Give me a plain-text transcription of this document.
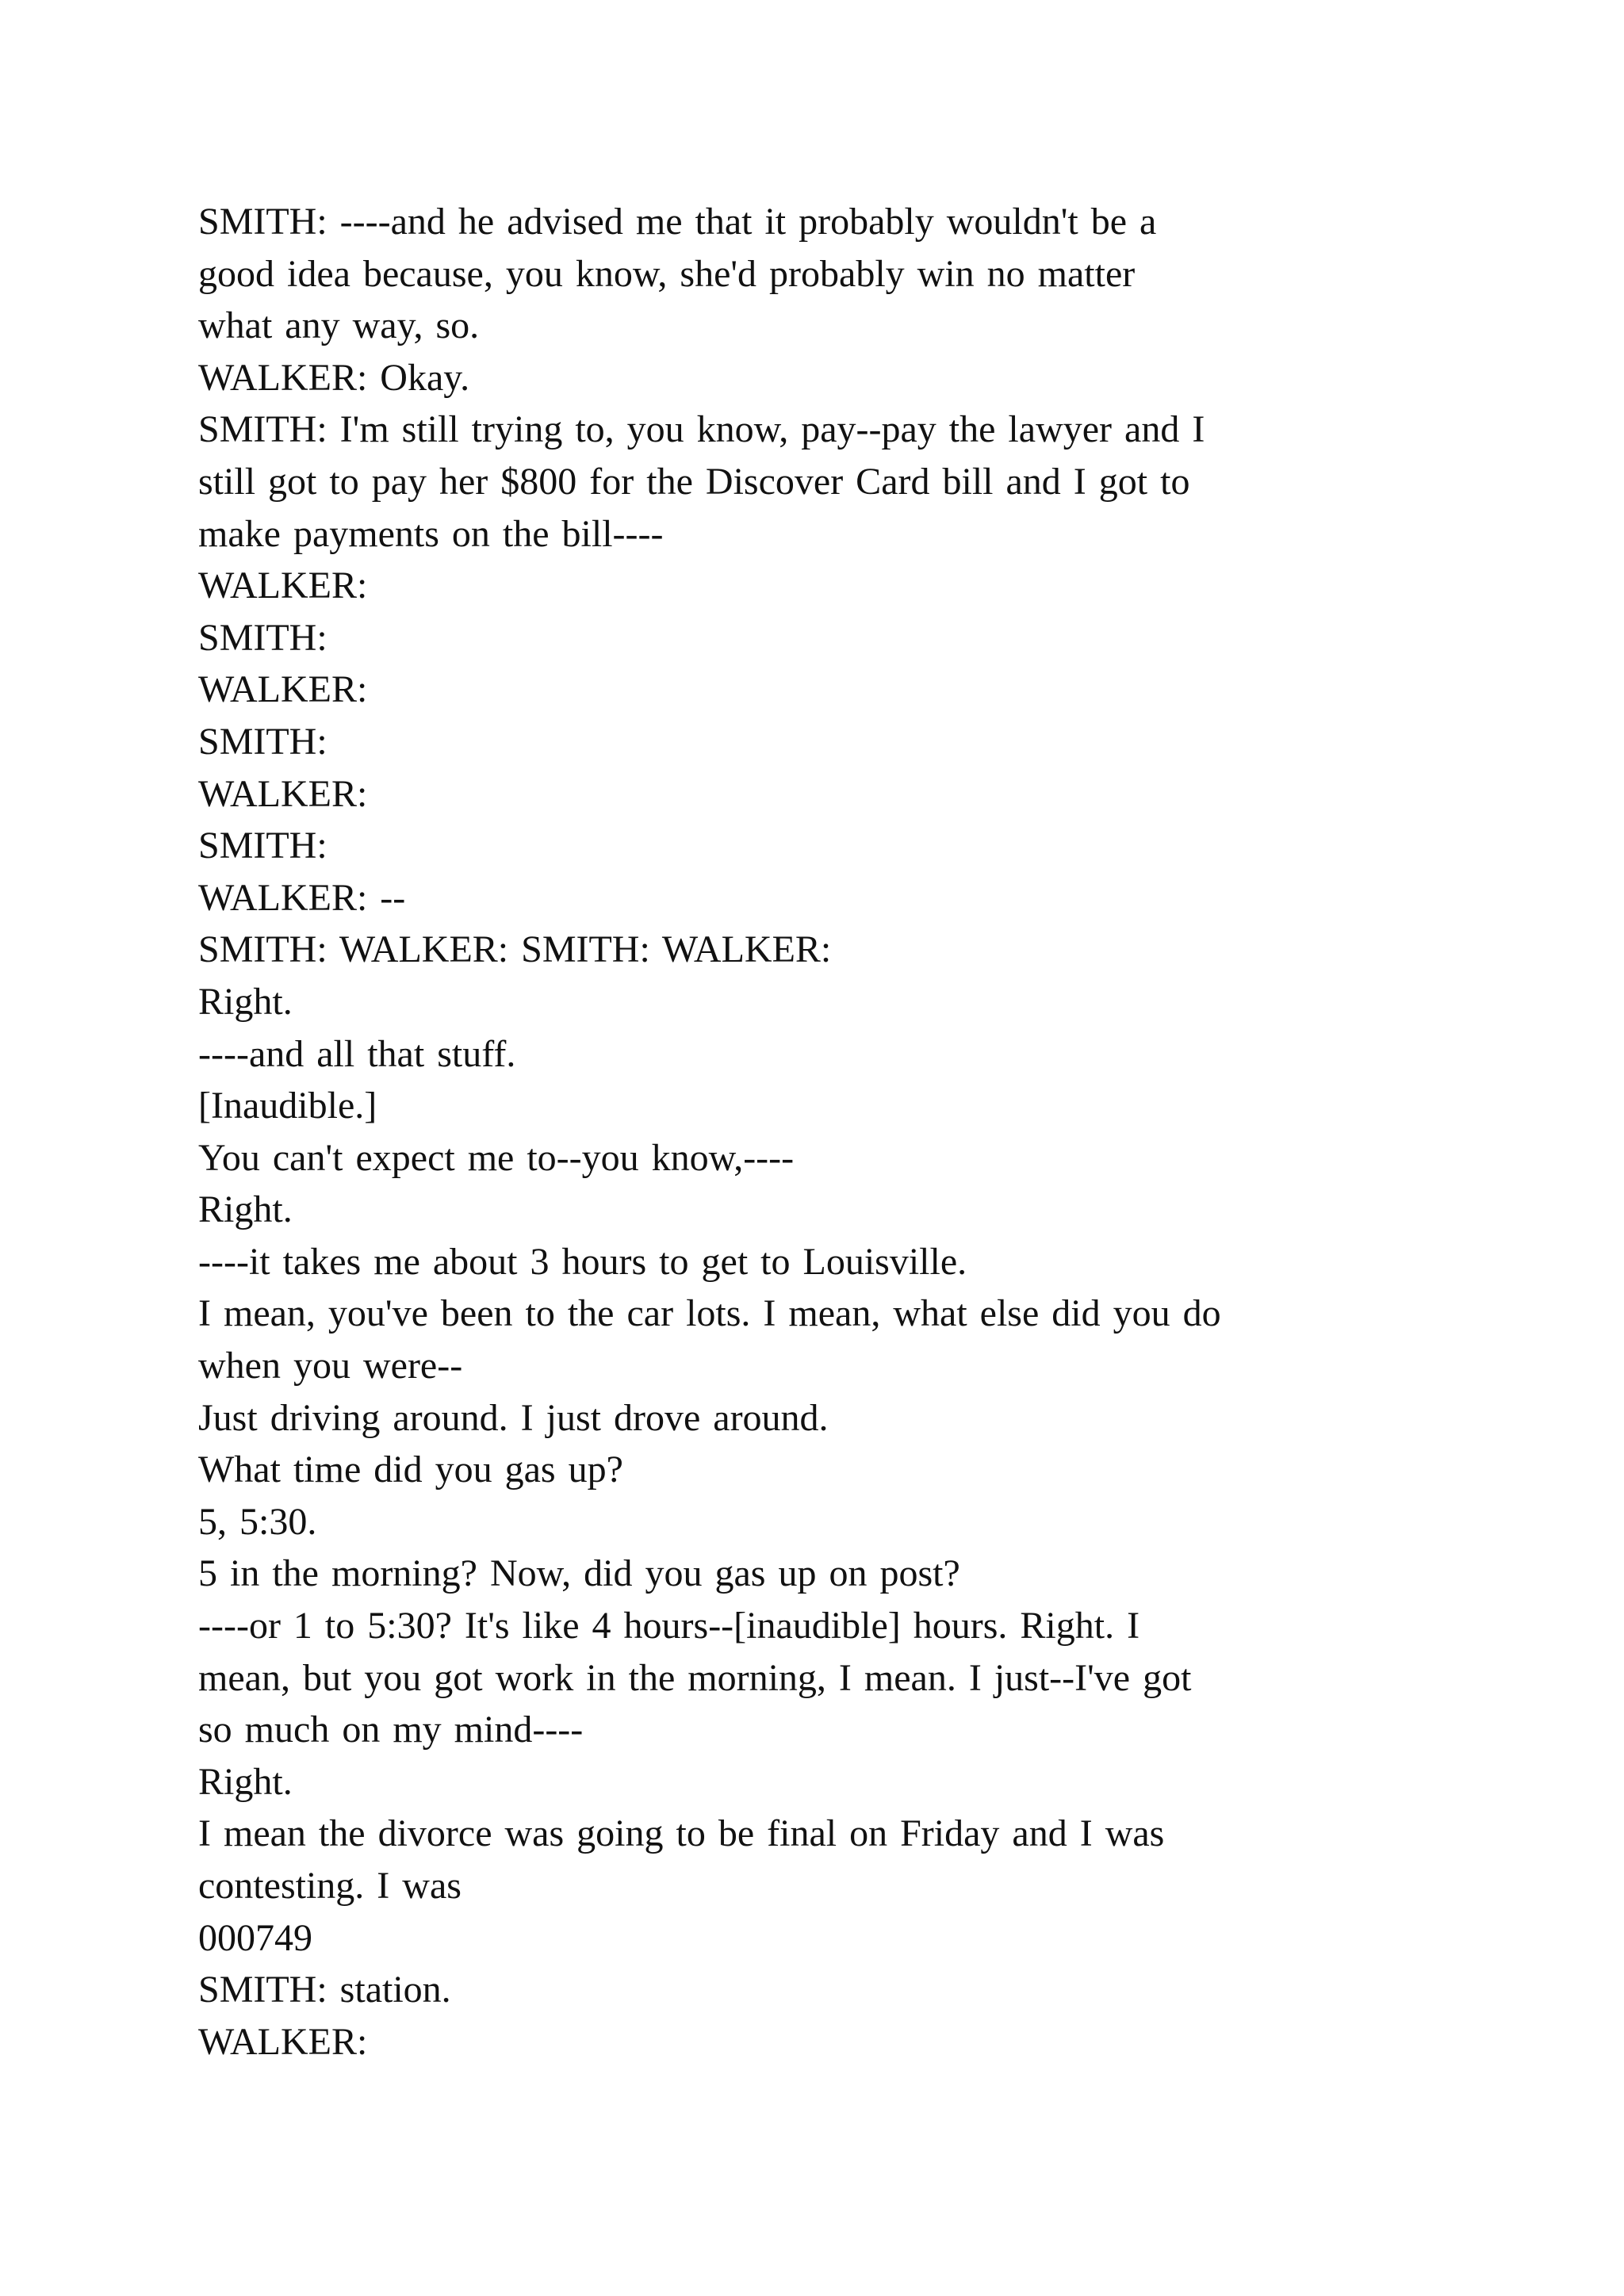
SMITH: ----and he advised me that it probably wouldn't be a
good idea because, you know, she'd probably win no matter
what any way, so.
WALKER: Okay.
SMITH: I'm still trying to, you know, pay--pay the lawyer and I
still got to pay her $800 for the Discover Card bill and I got to
make payments on the bill----
WALKER:
SMITH:
WALKER:
SMITH:
WALKER:
SMITH:
WALKER: --
SMITH: WALKER: SMITH: WALKER:
Right.
----and all that stuff.
[Inaudible.]
You can't expect me to--you know,----
Right.
----it takes me about 3 hours to get to Louisville.
I mean, you've been to the car lots. I mean, what else did you do
when you were--
Just driving around. I just drove around.
What time did you gas up?
5, 5:30.
5 in the morning? Now, did you gas up on post?
----or 1 to 5:30? It's like 4 hours--[inaudible] hours. Right. I
mean, but you got work in the morning, I mean. I just--I've got
so much on my mind----
Right.
I mean the divorce was going to be final on Friday and I was
contesting. I was
000749
SMITH: station.
WALKER:
